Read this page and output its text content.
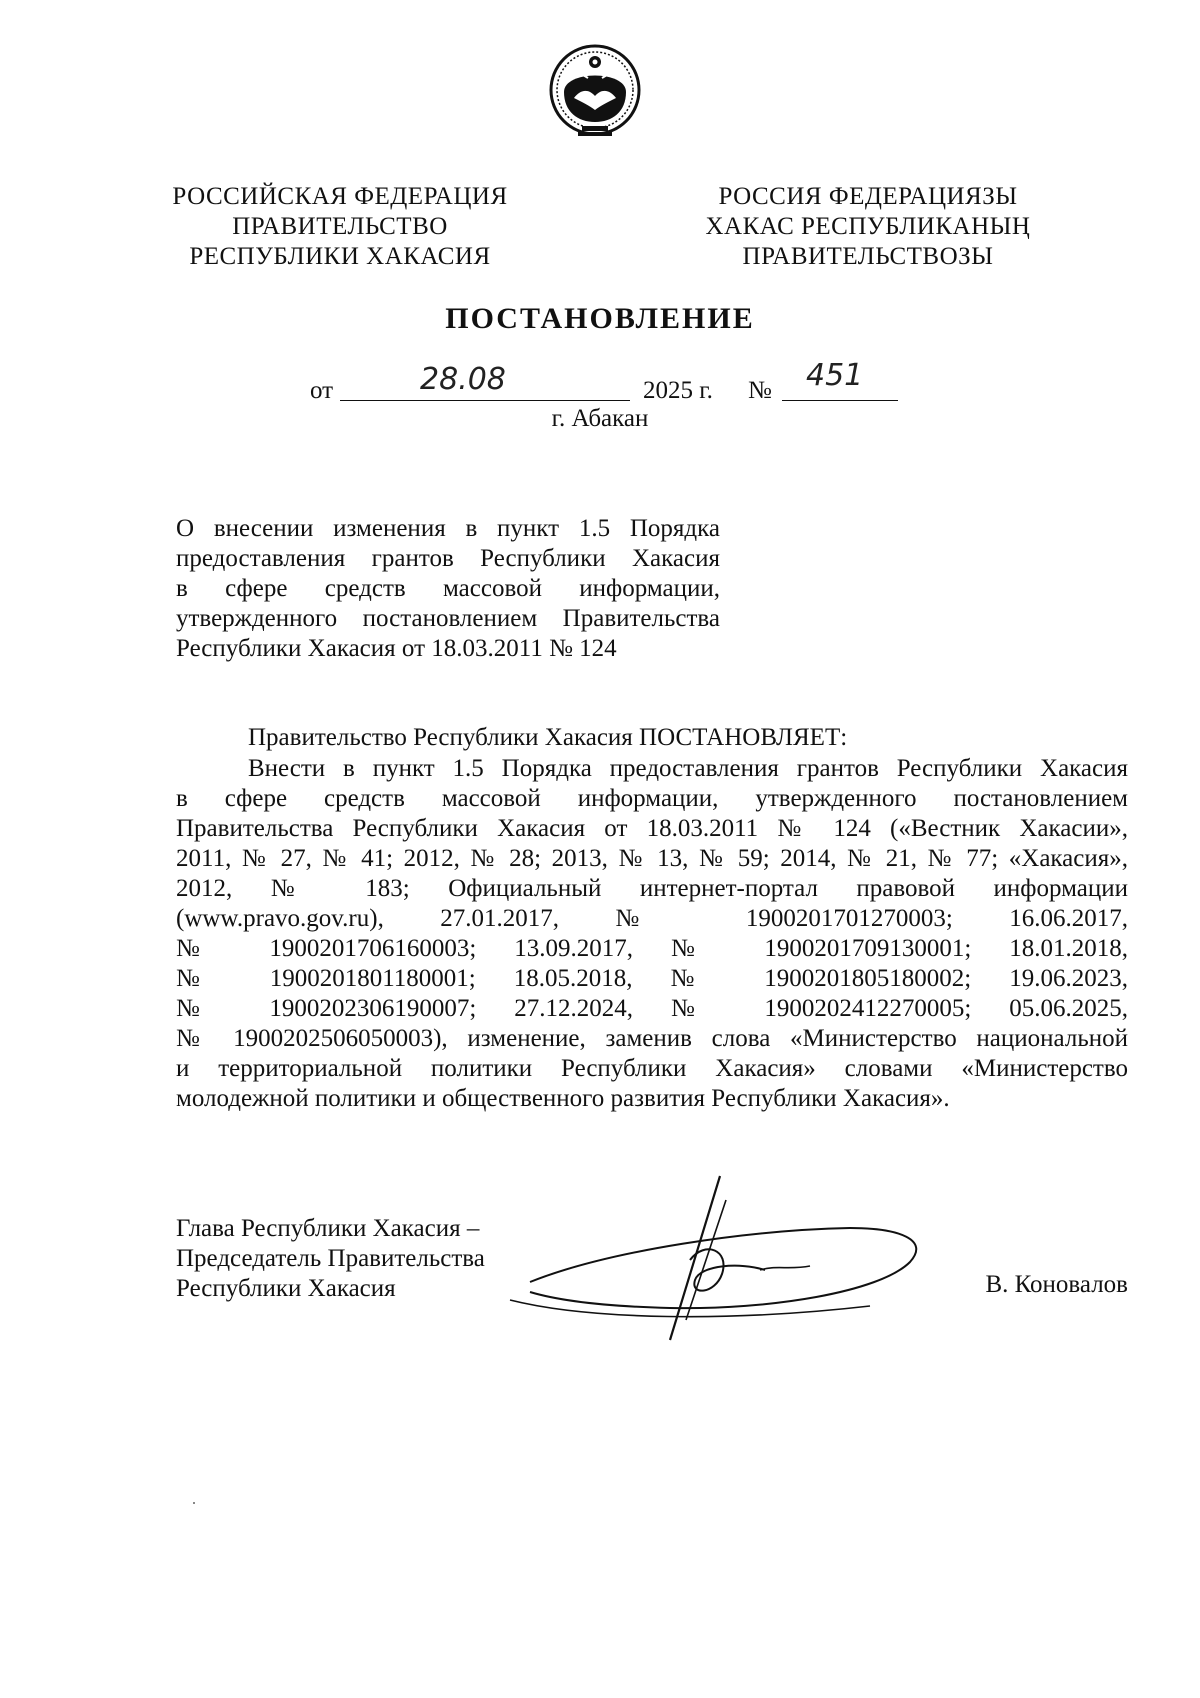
РОССИЙСКАЯ ФЕДЕРАЦИЯ
ПРАВИТЕЛЬСТВО
РЕСПУБЛИКИ ХАКАСИЯ
РОССИЯ ФЕДЕРАЦИЯЗЫ
ХАКАС РЕСПУБЛИКАНЫҢ
ПРАВИТЕЛЬСТВОЗЫ
ПОСТАНОВЛЕНИЕ
от	28.08	2025 г. № 451
г. Абакан
О внесении изменения в пункт 1.5 Порядка
предоставления грантов Республики Хакасия
в сфере средств массовой информации,
утвержденного постановлением Правительства
Республики Хакасия от 18.03.2011 № 124
Правительство Республики Хакасия ПОСТАНОВЛЯЕТ:
Внести в пункт 1.5 Порядка предоставления грантов Республики Хакасия
в сфере средств массовой информации, утвержденного постановлением
Правительства Республики Хакасия от 18.03.2011 № 124 («Вестник Хакасии»,
2011, № 27, № 41; 2012, № 28; 2013, № 13, № 59; 2014, № 21, № 77; «Хакасия»,
2012, № 183; Официальный интернет-портал правовой информации
(www.pravo.gov.ru), 27.01.2017, № 1900201701270003; 16.06.2017,
№ 1900201706160003; 13.09.2017, № 1900201709130001; 18.01.2018,
№ 1900201801180001; 18.05.2018, № 1900201805180002; 19.06.2023,
№ 1900202306190007; 27.12.2024, № 1900202412270005; 05.06.2025,
№ 1900202506050003), изменение, заменив слова «Министерство национальной
и территориальной политики Республики Хакасия» словами «Министерство
молодежной политики и общественного развития Республики Хакасия».
Глава Республики Хакасия –
Председатель Правительства
Республики Хакасия	В. Коновалов
